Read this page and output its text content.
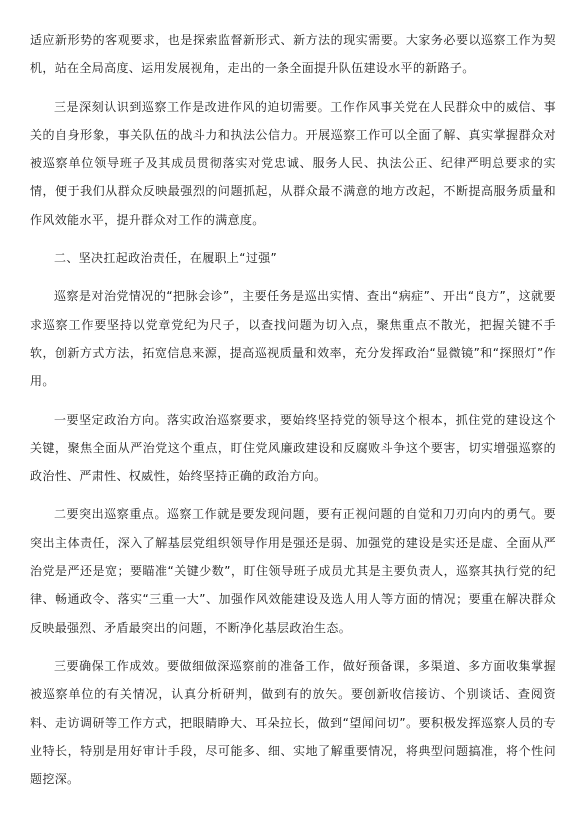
适应新形势的客观要求，也是探索监督新形式、新方法的现实需要。大家务必要以巡察工作为契机，站在全局高度、运用发展视角，走出的一条全面提升队伍建设水平的新路子。

三是深刻认识到巡察工作是改进作风的迫切需要。工作作风事关党在人民群众中的威信、事关的自身形象，事关队伍的战斗力和执法公信力。开展巡察工作可以全面了解、真实掌握群众对被巡察单位领导班子及其成员贯彻落实对党忠诚、服务人民、执法公正、纪律严明总要求的实情，便于我们从群众反映最强烈的问题抓起，从群众最不满意的地方改起，不断提高服务质量和作风效能水平，提升群众对工作的满意度。

二、坚决扛起政治责任，在履职上“过强”

巡察是对治党情况的“把脉会诊”，主要任务是巡出实情、查出“病症”、开出“良方”，这就要求巡察工作要坚持以党章党纪为尺子，以查找问题为切入点，聚焦重点不散光，把握关键不手软，创新方式方法，拓宽信息来源，提高巡视质量和效率，充分发挥政治“显微镜”和“探照灯”作用。

一要坚定政治方向。落实政治巡察要求，要始终坚持党的领导这个根本，抓住党的建设这个关键，聚焦全面从严治党这个重点，盯住党风廉政建设和反腐败斗争这个要害，切实增强巡察的政治性、严肃性、权威性，始终坚持正确的政治方向。

二要突出巡察重点。巡察工作就是要发现问题，要有正视问题的自觉和刀刃向内的勇气。要突出主体责任，深入了解基层党组织领导作用是强还是弱、加强党的建设是实还是虚、全面从严治党是严还是宽；要瞄准“关键少数”，盯住领导班子成员尤其是主要负责人，巡察其执行党的纪律、畅通政令、落实“三重一大”、加强作风效能建设及选人用人等方面的情况；要重在解决群众反映最强烈、矛盾最突出的问题，不断净化基层政治生态。

三要确保工作成效。要做细做深巡察前的准备工作，做好预备课，多渠道、多方面收集掌握被巡察单位的有关情况，认真分析研判，做到有的放矢。要创新收信接访、个别谈话、查阅资料、走访调研等工作方式，把眼睛睁大、耳朵拉长，做到“望闻问切”。要积极发挥巡察人员的专业特长，特别是用好审计手段，尽可能多、细、实地了解重要情况，将典型问题搞准，将个性问题挖深。
